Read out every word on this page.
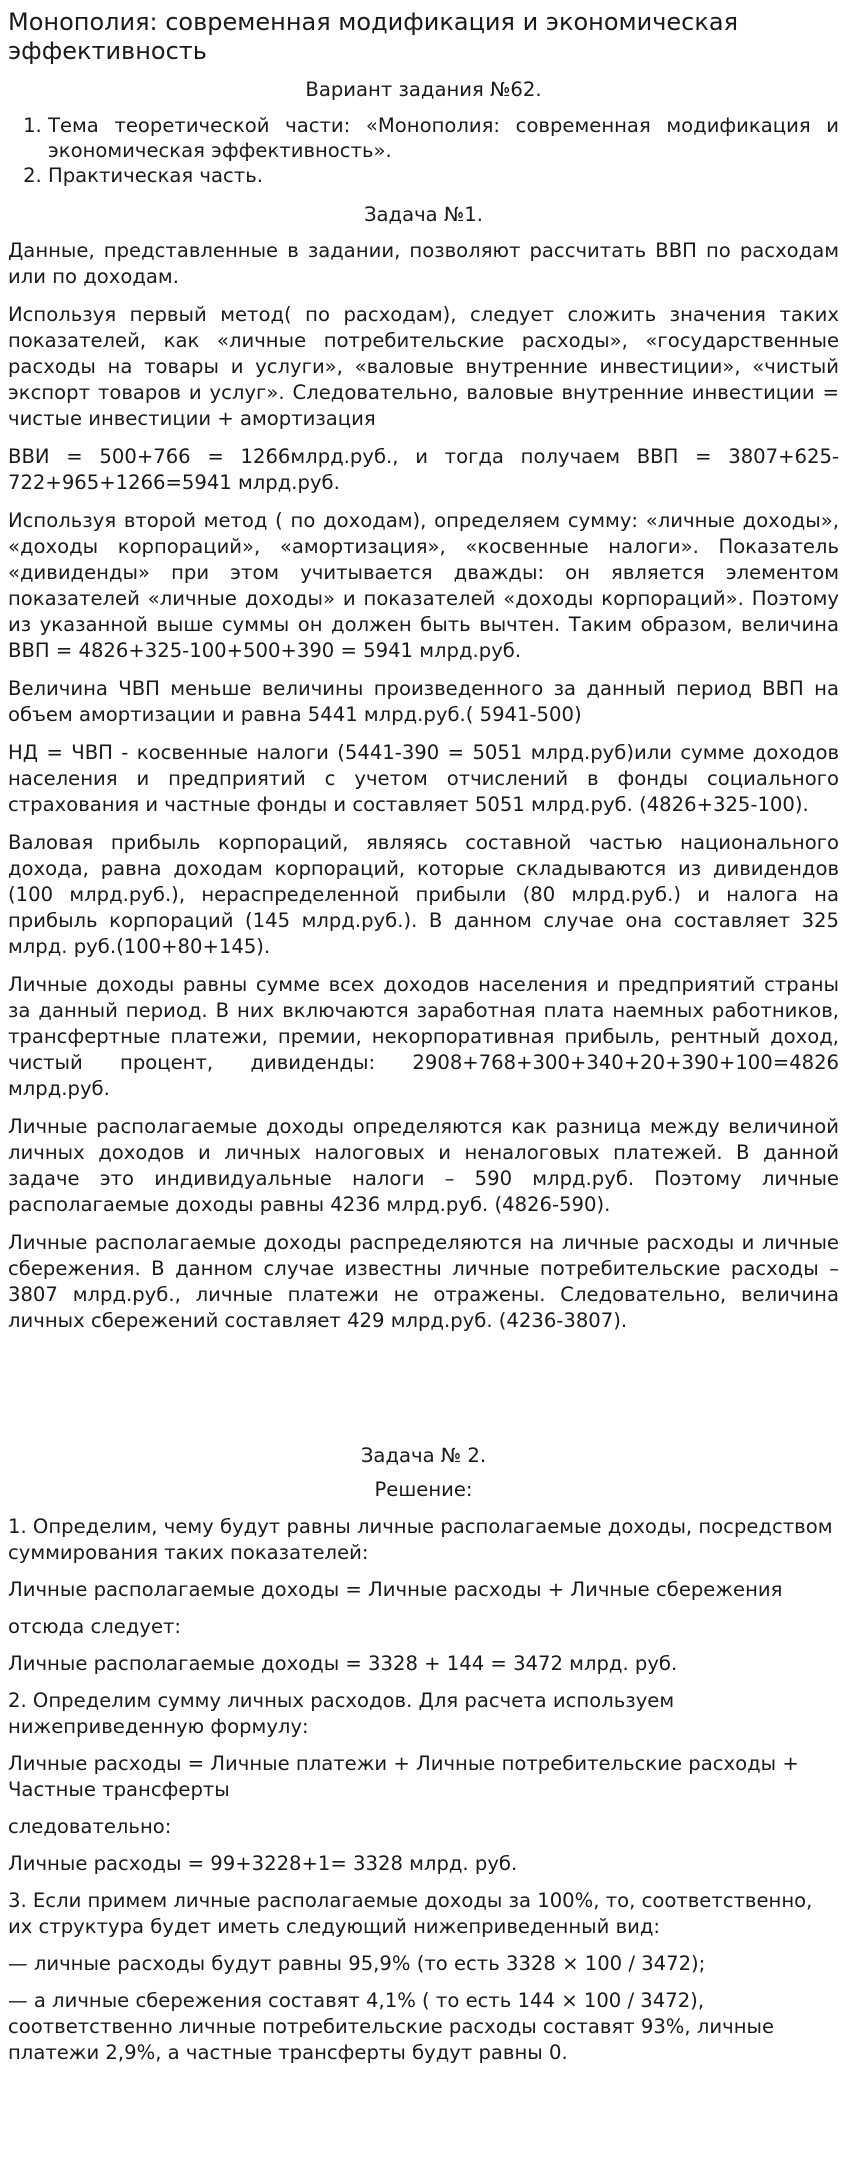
Монополия: современная модификация и экономическая эффективность
Вариант задания №62.
1. Тема теоретической части: «Монополия: современная модификация и экономическая эффективность».
2. Практическая часть.
Задача №1.

Данные, представленные в задании, позволяют рассчитать ВВП по расходам или по доходам.

Используя первый метод( по расходам), следует сложить значения таких показателей, как «личные потребительские расходы», «государственные расходы на товары и услуги», «валовые внутренние инвестиции», «чистый экспорт товаров и услуг». Следовательно, валовые внутренние инвестиции = чистые инвестиции + амортизация

ВВИ = 500+766 = 1266млрд.руб., и тогда получаем ВВП = 3807+625-722+965+1266=5941 млрд.руб.

Используя второй метод ( по доходам), определяем сумму: «личные доходы», «доходы корпораций», «амортизация», «косвенные налоги». Показатель «дивиденды» при этом учитывается дважды: он является элементом показателей «личные доходы» и показателей «доходы корпораций». Поэтому из указанной выше суммы он должен быть вычтен. Таким образом, величина ВВП = 4826+325-100+500+390 = 5941 млрд.руб.

Величина ЧВП меньше величины произведенного за данный период ВВП на объем амортизации и равна 5441 млрд.руб.( 5941-500)

НД = ЧВП - косвенные налоги (5441-390 = 5051 млрд.руб)или сумме доходов населения и предприятий с учетом отчислений в фонды социального страхования и частные фонды и составляет 5051 млрд.руб. (4826+325-100).

Валовая прибыль корпораций, являясь составной частью национального дохода, равна доходам корпораций, которые складываются из дивидендов (100 млрд.руб.), нераспределенной прибыли (80 млрд.руб.) и налога на прибыль корпораций (145 млрд.руб.). В данном случае она составляет 325 млрд. руб.(100+80+145).

Личные доходы равны сумме всех доходов населения и предприятий страны за данный период. В них включаются заработная плата наемных работников, трансфертные платежи, премии, некорпоративная прибыль, рентный доход, чистый процент, дивиденды: 2908+768+300+340+20+390+100=4826 млрд.руб.

Личные располагаемые доходы определяются как разница между величиной личных доходов и личных налоговых и неналоговых платежей. В данной задаче это индивидуальные налоги – 590 млрд.руб. Поэтому личные располагаемые доходы равны 4236 млрд.руб. (4826-590).

Личные располагаемые доходы распределяются на личные расходы и личные сбережения. В данном случае известны личные потребительские расходы – 3807 млрд.руб., личные платежи не отражены. Следовательно, величина личных сбережений составляет 429 млрд.руб. (4236-3807).

Задача № 2.
Решение:

1. Определим, чему будут равны личные располагаемые доходы, посредством суммирования таких показателей:

Личные располагаемые доходы = Личные расходы + Личные сбережения

отсюда следует:

Личные располагаемые доходы = 3328 + 144 = 3472 млрд. руб.

2. Определим сумму личных расходов. Для расчета используем нижеприведенную формулу:

Личные расходы = Личные платежи + Личные потребительские расходы + Частные трансферты

следовательно:

Личные расходы = 99+3228+1= 3328 млрд. руб.

3. Если примем личные располагаемые доходы за 100%, то, соответственно, их структура будет иметь следующий нижеприведенный вид:

— личные расходы будут равны 95,9% (то есть 3328 × 100 / 3472);

— а личные сбережения составят 4,1% ( то есть 144 × 100 / 3472), соответственно личные потребительские расходы составят 93%, личные платежи 2,9%, а частные трансферты будут равны 0.
